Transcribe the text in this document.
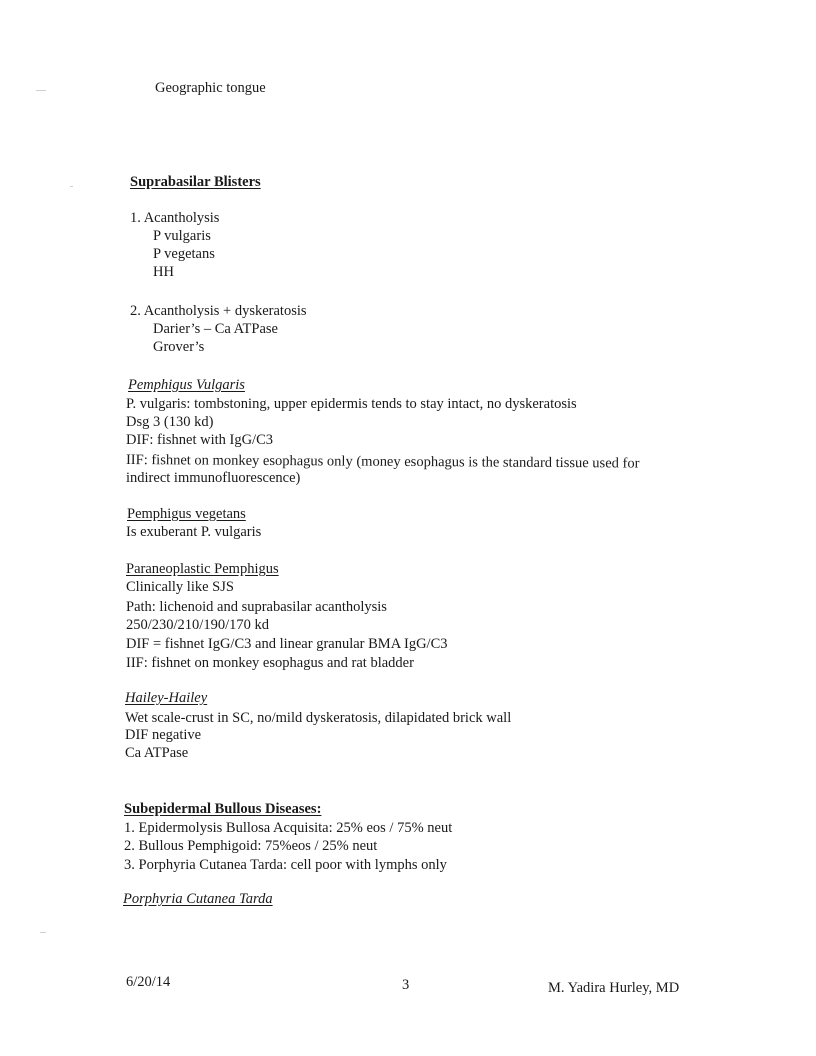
Geographic tongue
Suprabasilar Blisters
1. Acantholysis
P vulgaris
P vegetans
HH
2. Acantholysis + dyskeratosis
Darier’s – Ca ATPase
Grover’s
Pemphigus Vulgaris
P. vulgaris: tombstoning, upper epidermis tends to stay intact, no dyskeratosis
Dsg 3 (130 kd)
DIF: fishnet with IgG/C3
IIF: fishnet on monkey esophagus only (money esophagus is the standard tissue used for
indirect immunofluorescence)
Pemphigus vegetans
Is exuberant P. vulgaris
Paraneoplastic Pemphigus
Clinically like SJS
Path: lichenoid and suprabasilar acantholysis
250/230/210/190/170 kd
DIF = fishnet IgG/C3 and linear granular BMA IgG/C3
IIF: fishnet on monkey esophagus and rat bladder
Hailey-Hailey
Wet scale-crust in SC, no/mild dyskeratosis, dilapidated brick wall
DIF negative
Ca ATPase
Subepidermal Bullous Diseases:
1. Epidermolysis Bullosa Acquisita: 25% eos / 75% neut
2. Bullous Pemphigoid: 75%eos / 25% neut
3. Porphyria Cutanea Tarda: cell poor with lymphs only
Porphyria Cutanea Tarda
6/20/14	3	M. Yadira Hurley, MD
